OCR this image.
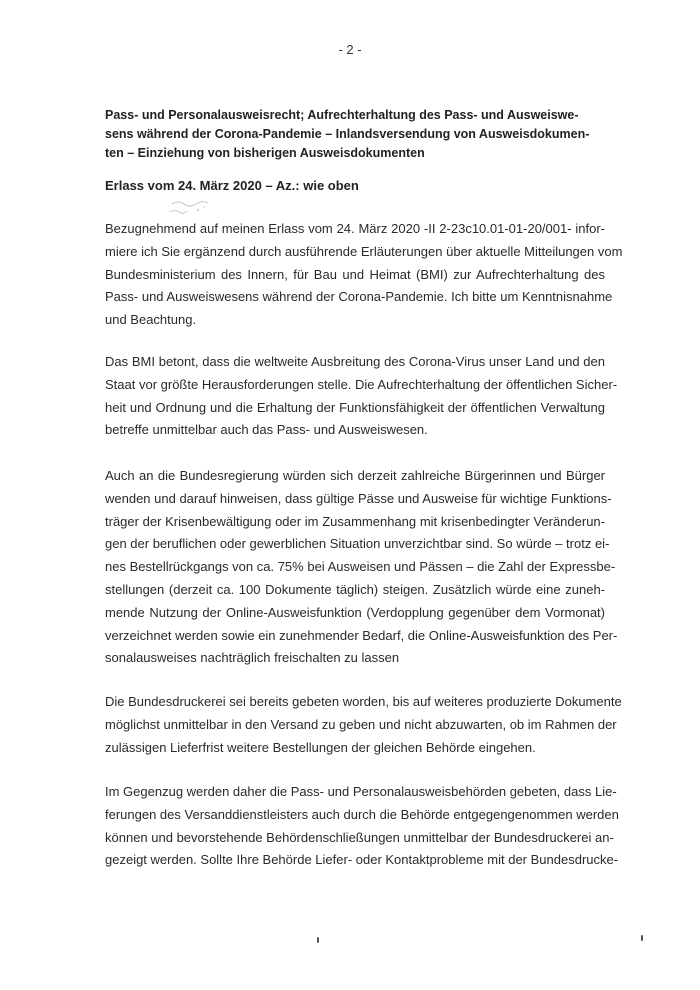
- 2 -
Pass- und Personalausweisrecht; Aufrechterhaltung des Pass- und Ausweiswe-
sens während der Corona-Pandemie – Inlandsversendung von Ausweisdokumen-
ten – Einziehung von bisherigen Ausweisdokumenten
Erlass vom 24. März 2020 – Az.: wie oben
Bezugnehmend auf meinen Erlass vom 24. März 2020 -II 2-23c10.01-01-20/001- infor-
miere ich Sie ergänzend durch ausführende Erläuterungen über aktuelle Mitteilungen vom
Bundesministerium des Innern, für Bau und Heimat (BMI) zur Aufrechterhaltung des
Pass- und Ausweiswesens während der Corona-Pandemie. Ich bitte um Kenntnisnahme
und Beachtung.
Das BMI betont, dass die weltweite Ausbreitung des Corona-Virus unser Land und den
Staat vor größte Herausforderungen stelle. Die Aufrechterhaltung der öffentlichen Sicher-
heit und Ordnung und die Erhaltung der Funktionsfähigkeit der öffentlichen Verwaltung
betreffe unmittelbar auch das Pass- und Ausweiswesen.
Auch an die Bundesregierung würden sich derzeit zahlreiche Bürgerinnen und Bürger
wenden und darauf hinweisen, dass gültige Pässe und Ausweise für wichtige Funktions-
träger der Krisenbewältigung oder im Zusammenhang mit krisenbedingter Veränderun-
gen der beruflichen oder gewerblichen Situation unverzichtbar sind. So würde – trotz ei-
nes Bestellrückgangs von ca. 75% bei Ausweisen und Pässen – die Zahl der Expressbe-
stellungen (derzeit ca. 100 Dokumente täglich) steigen. Zusätzlich würde eine zuneh-
mende Nutzung der Online-Ausweisfunktion (Verdopplung gegenüber dem Vormonat)
verzeichnet werden sowie ein zunehmender Bedarf, die Online-Ausweisfunktion des Per-
sonalausweises nachträglich freischalten zu lassen
Die Bundesdruckerei sei bereits gebeten worden, bis auf weiteres produzierte Dokumente
möglichst unmittelbar in den Versand zu geben und nicht abzuwarten, ob im Rahmen der
zulässigen Lieferfrist weitere Bestellungen der gleichen Behörde eingehen.
Im Gegenzug werden daher die Pass- und Personalausweisbehörden gebeten, dass Lie-
ferungen des Versanddienstleisters auch durch die Behörde entgegengenommen werden
können und bevorstehende Behördenschließungen unmittelbar der Bundesdruckerei an-
gezeigt werden. Sollte Ihre Behörde Liefer- oder Kontaktprobleme mit der Bundesdrucke-
